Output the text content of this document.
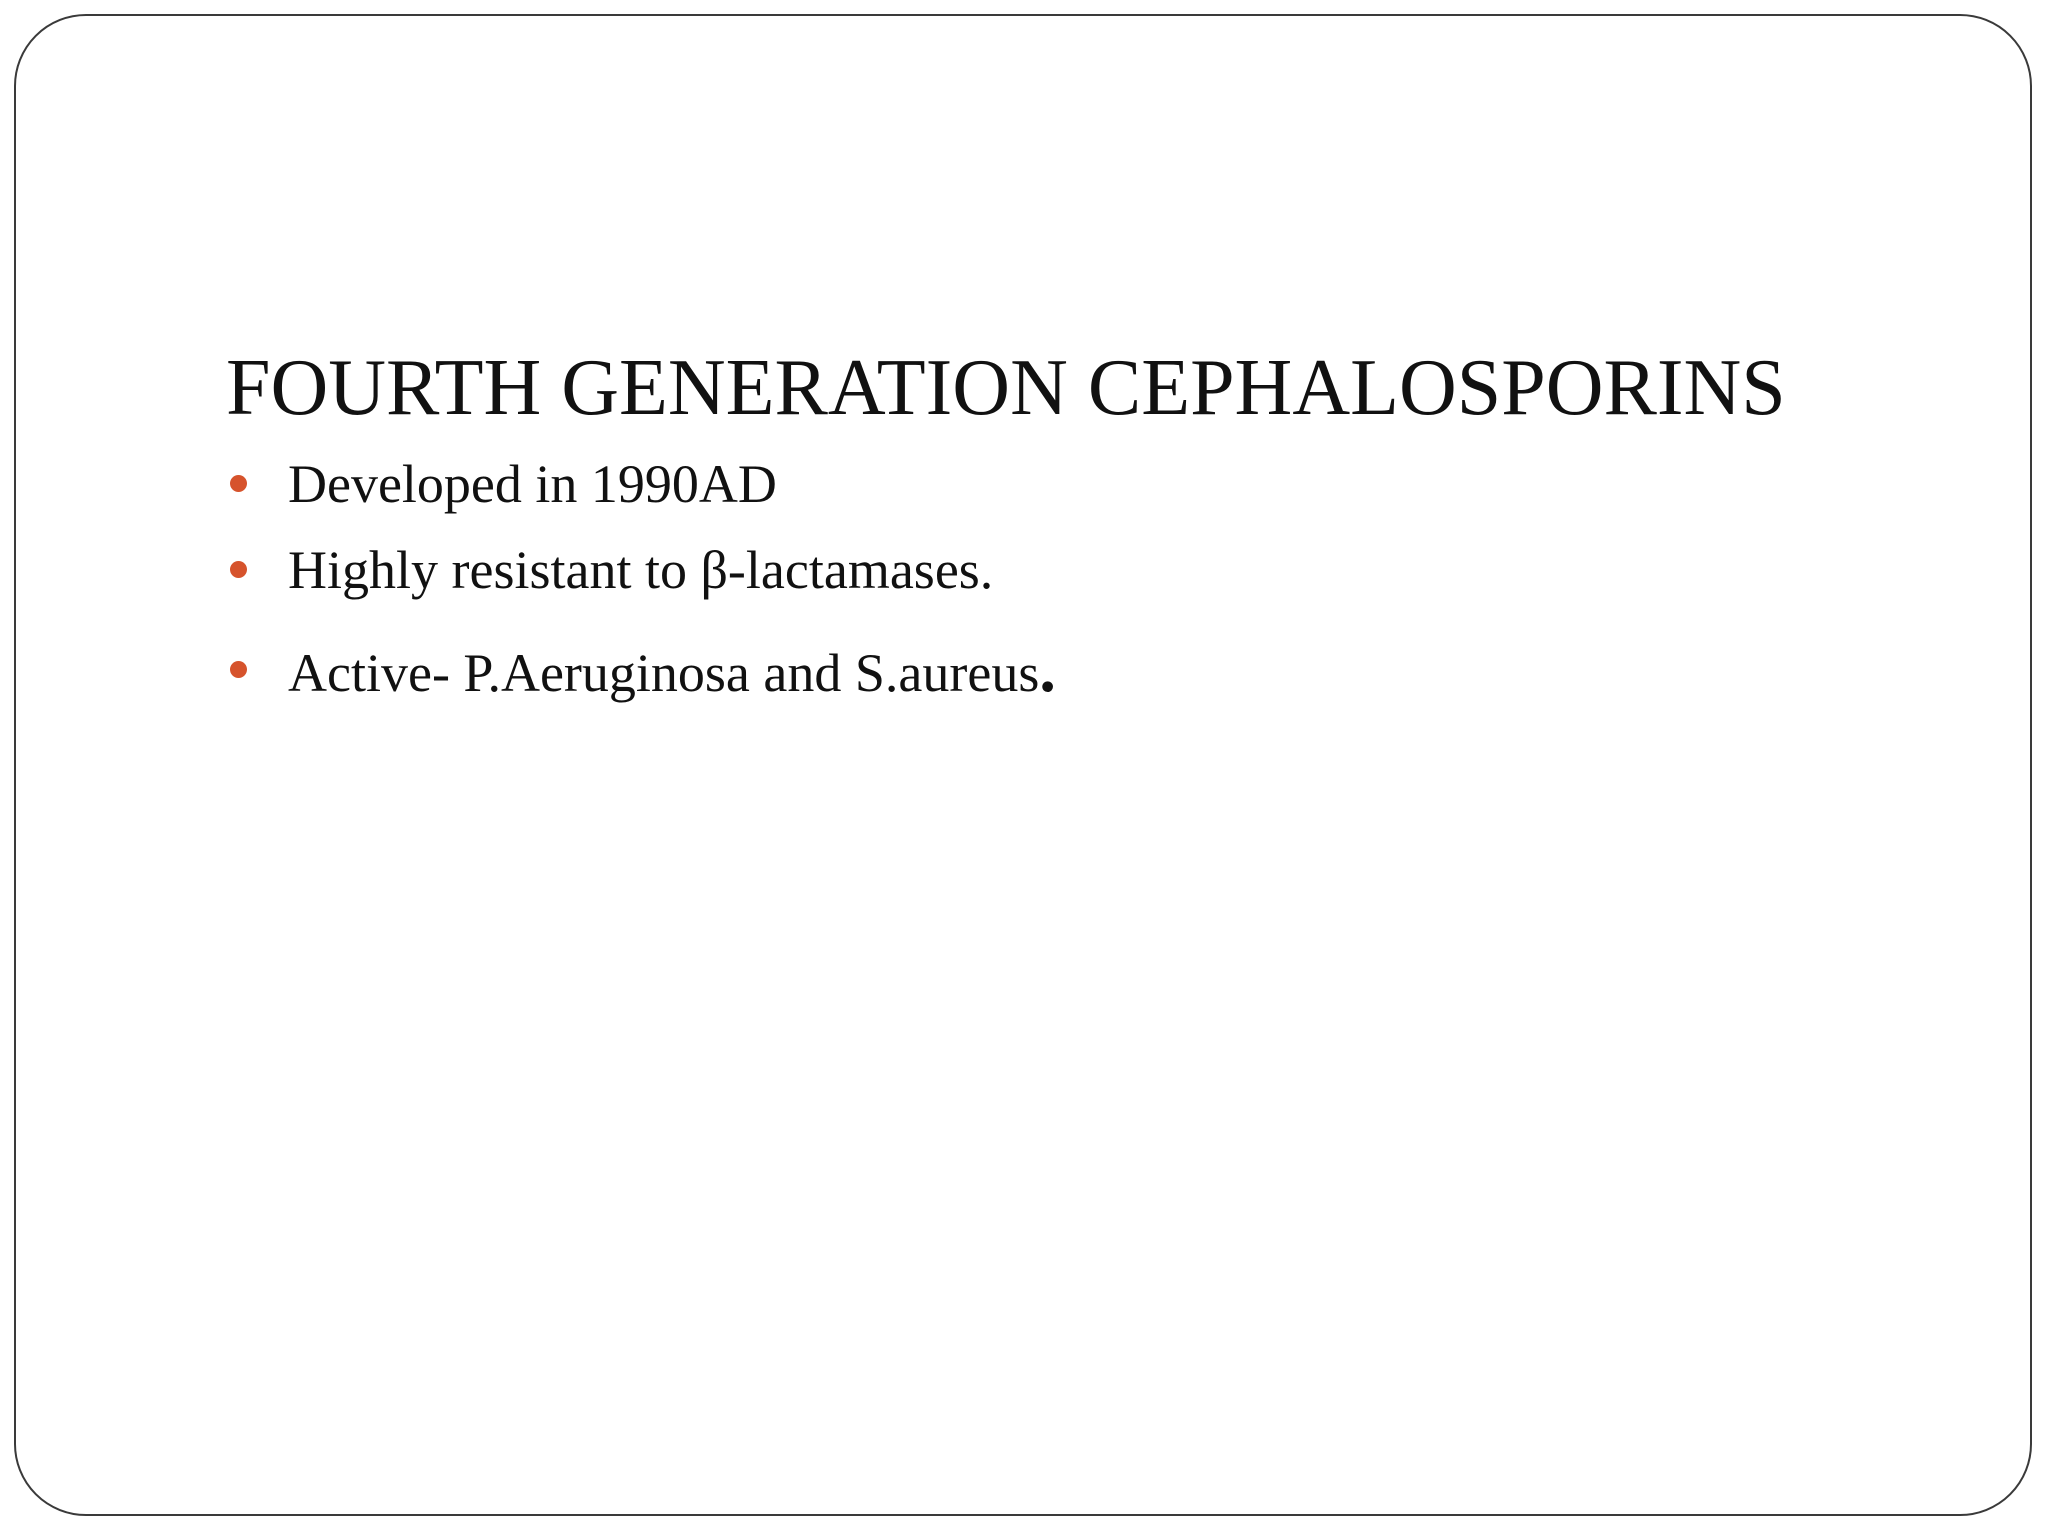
FOURTH GENERATION CEPHALOSPORINS
Developed in 1990AD
Highly resistant to β-lactamases.
Active- P.Aeruginosa and S.aureus.
